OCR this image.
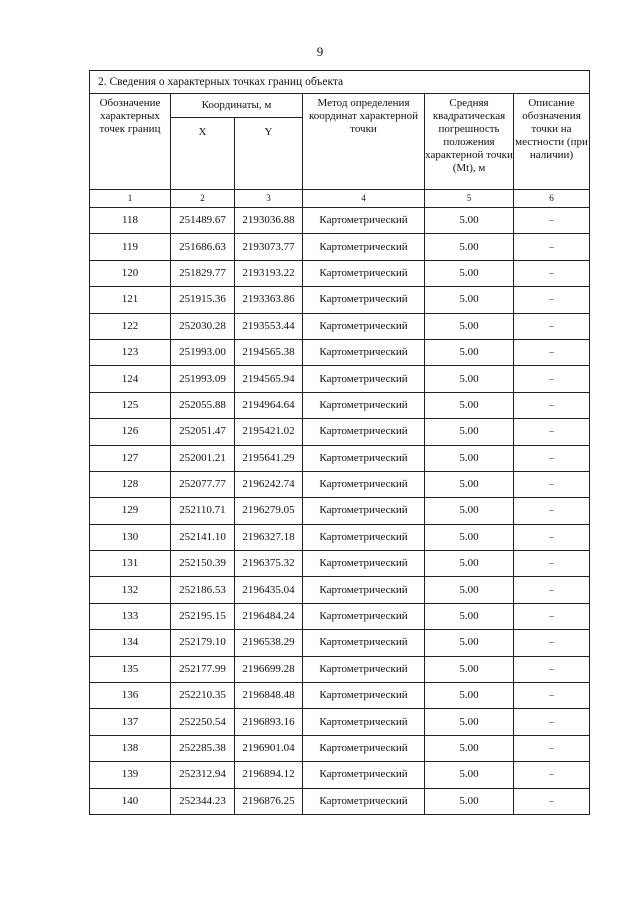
9
2. Сведения о характерных точках границ объекта					
Обозначение характерных точек границ	Координаты, м		Метод определения координат характерной точки	Средняя квадратическая погрешность положения характерной точки (Mt), м	Описание обозначения точки на местности (при наличии)
	X	Y			
1	2	3	4	5	6
118	251489.67	2193036.88	Картометрический	5.00	–
119	251686.63	2193073.77	Картометрический	5.00	–
120	251829.77	2193193.22	Картометрический	5.00	–
121	251915.36	2193363.86	Картометрический	5.00	–
122	252030.28	2193553.44	Картометрический	5.00	–
123	251993.00	2194565.38	Картометрический	5.00	–
124	251993.09	2194565.94	Картометрический	5.00	–
125	252055.88	2194964.64	Картометрический	5.00	–
126	252051.47	2195421.02	Картометрический	5.00	–
127	252001.21	2195641.29	Картометрический	5.00	–
128	252077.77	2196242.74	Картометрический	5.00	–
129	252110.71	2196279.05	Картометрический	5.00	–
130	252141.10	2196327.18	Картометрический	5.00	–
131	252150.39	2196375.32	Картометрический	5.00	–
132	252186.53	2196435.04	Картометрический	5.00	–
133	252195.15	2196484.24	Картометрический	5.00	–
134	252179.10	2196538.29	Картометрический	5.00	–
135	252177.99	2196699.28	Картометрический	5.00	–
136	252210.35	2196848.48	Картометрический	5.00	–
137	252250.54	2196893.16	Картометрический	5.00	–
138	252285.38	2196901.04	Картометрический	5.00	–
139	252312.94	2196894.12	Картометрический	5.00	–
140	252344.23	2196876.25	Картометрический	5.00	–
